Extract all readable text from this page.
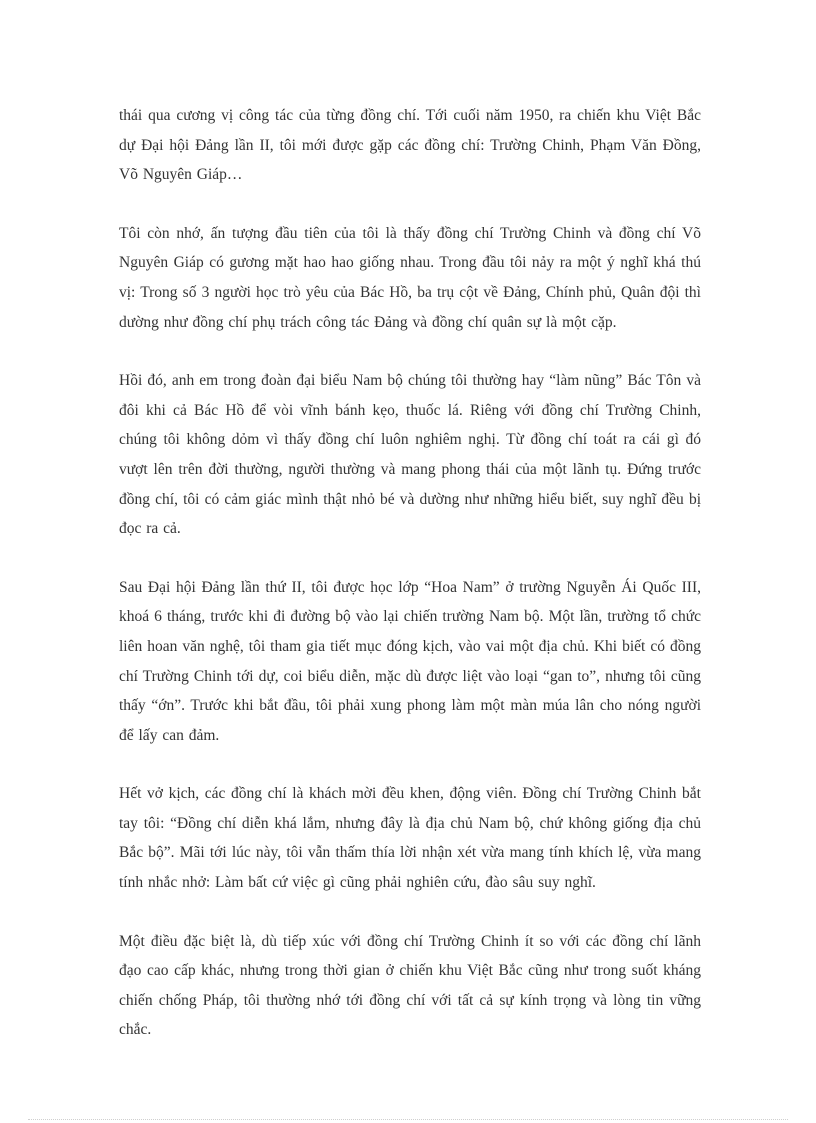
thái qua cương vị công tác của từng đồng chí. Tới cuối năm 1950, ra chiến khu Việt Bắc dự Đại hội Đảng lần II, tôi mới được gặp các đồng chí: Trường Chinh, Phạm Văn Đồng, Võ Nguyên Giáp…

Tôi còn nhớ, ấn tượng đầu tiên của tôi là thấy đồng chí Trường Chinh và đồng chí Võ Nguyên Giáp có gương mặt hao hao giống nhau. Trong đầu tôi nảy ra một ý nghĩ khá thú vị: Trong số 3 người học trò yêu của Bác Hồ, ba trụ cột về Đảng, Chính phủ, Quân đội thì dường như đồng chí phụ trách công tác Đảng và đồng chí quân sự là một cặp.

Hồi đó, anh em trong đoàn đại biểu Nam bộ chúng tôi thường hay “làm nũng” Bác Tôn và đôi khi cả Bác Hồ để vòi vĩnh bánh kẹo, thuốc lá. Riêng với đồng chí Trường Chinh, chúng tôi không dỏm vì thấy đồng chí luôn nghiêm nghị. Từ đồng chí toát ra cái gì đó vượt lên trên đời thường, người thường và mang phong thái của một lãnh tụ. Đứng trước đồng chí, tôi có cảm giác mình thật nhỏ bé và dường như những hiểu biết, suy nghĩ đều bị đọc ra cả.

Sau Đại hội Đảng lần thứ II, tôi được học lớp “Hoa Nam” ở trường Nguyễn Ái Quốc III, khoá 6 tháng, trước khi đi đường bộ vào lại chiến trường Nam bộ. Một lần, trường tổ chức liên hoan văn nghệ, tôi tham gia tiết mục đóng kịch, vào vai một địa chủ. Khi biết có đồng chí Trường Chinh tới dự, coi biểu diễn, mặc dù được liệt vào loại “gan to”, nhưng tôi cũng thấy “ớn”. Trước khi bắt đầu, tôi phải xung phong làm một màn múa lân cho nóng người để lấy can đảm.

Hết vở kịch, các đồng chí là khách mời đều khen, động viên. Đồng chí Trường Chinh bắt tay tôi: “Đồng chí diễn khá lắm, nhưng đây là địa chủ Nam bộ, chứ không giống địa chủ Bắc bộ”. Mãi tới lúc này, tôi vẫn thấm thía lời nhận xét vừa mang tính khích lệ, vừa mang tính nhắc nhở: Làm bất cứ việc gì cũng phải nghiên cứu, đào sâu suy nghĩ.

Một điều đặc biệt là, dù tiếp xúc với đồng chí Trường Chinh ít so với các đồng chí lãnh đạo cao cấp khác, nhưng trong thời gian ở chiến khu Việt Bắc cũng như trong suốt kháng chiến chống Pháp, tôi thường nhớ tới đồng chí với tất cả sự kính trọng và lòng tin vững chắc.
